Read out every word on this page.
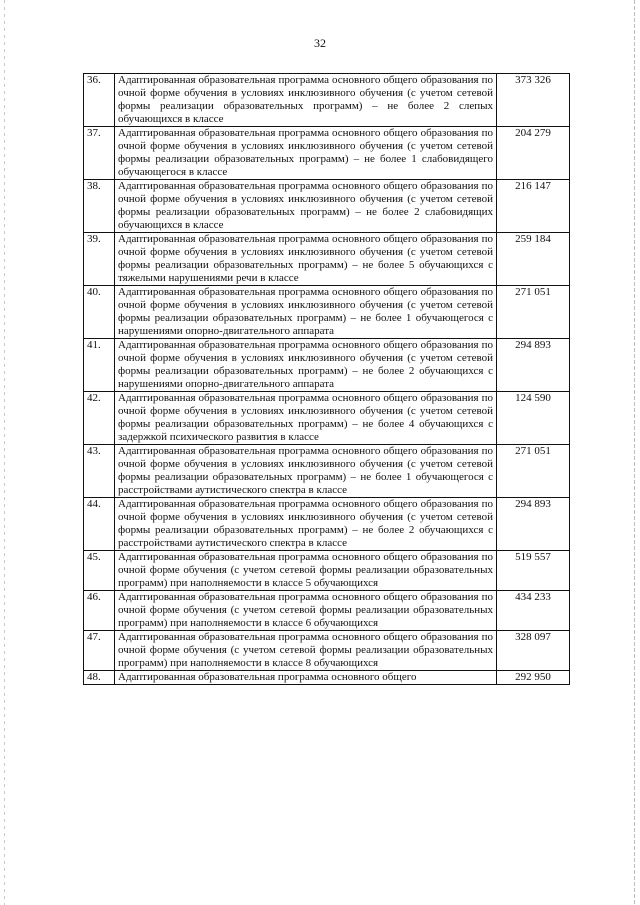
32
36.	Адаптированная образовательная программа основного общего образования по очной форме обучения в условиях инклюзивного обучения (с учетом сетевой формы реализации образовательных программ) – не более 2 слепых обучающихся в классе	373 326
37.	Адаптированная образовательная программа основного общего образования по очной форме обучения в условиях инклюзивного обучения (с учетом сетевой формы реализации образовательных программ) – не более 1 слабовидящего обучающегося в классе	204 279
38.	Адаптированная образовательная программа основного общего образования по очной форме обучения в условиях инклюзивного обучения (с учетом сетевой формы реализации образовательных программ) – не более 2 слабовидящих обучающихся в классе	216 147
39.	Адаптированная образовательная программа основного общего образования по очной форме обучения в условиях инклюзивного обучения (с учетом сетевой формы реализации образовательных программ) – не более 5 обучающихся с тяжелыми нарушениями речи в классе	259 184
40.	Адаптированная образовательная программа основного общего образования по очной форме обучения в условиях инклюзивного обучения (с учетом сетевой формы реализации образовательных программ) – не более 1 обучающегося с нарушениями опорно-двигательного аппарата	271 051
41.	Адаптированная образовательная программа основного общего образования по очной форме обучения в условиях инклюзивного обучения (с учетом сетевой формы реализации образовательных программ) – не более 2 обучающихся с нарушениями опорно-двигательного аппарата	294 893
42.	Адаптированная образовательная программа основного общего образования по очной форме обучения в условиях инклюзивного обучения (с учетом сетевой формы реализации образовательных программ) – не более 4 обучающихся с задержкой психического развития в классе	124 590
43.	Адаптированная образовательная программа основного общего образования по очной форме обучения в условиях инклюзивного обучения (с учетом сетевой формы реализации образовательных программ) – не более 1 обучающегося с расстройствами аутистического спектра в классе	271 051
44.	Адаптированная образовательная программа основного общего образования по очной форме обучения в условиях инклюзивного обучения (с учетом сетевой формы реализации образовательных программ) – не более 2 обучающихся с расстройствами аутистического спектра в классе	294 893
45.	Адаптированная образовательная программа основного общего образования по очной форме обучения (с учетом сетевой формы реализации образовательных программ) при наполняемости в классе 5 обучающихся	519 557
46.	Адаптированная образовательная программа основного общего образования по очной форме обучения (с учетом сетевой формы реализации образовательных программ) при наполняемости в классе 6 обучающихся	434 233
47.	Адаптированная образовательная программа основного общего образования по очной форме обучения (с учетом сетевой формы реализации образовательных программ) при наполняемости в классе 8 обучающихся	328 097
48.	Адаптированная образовательная программа основного общего	292 950
